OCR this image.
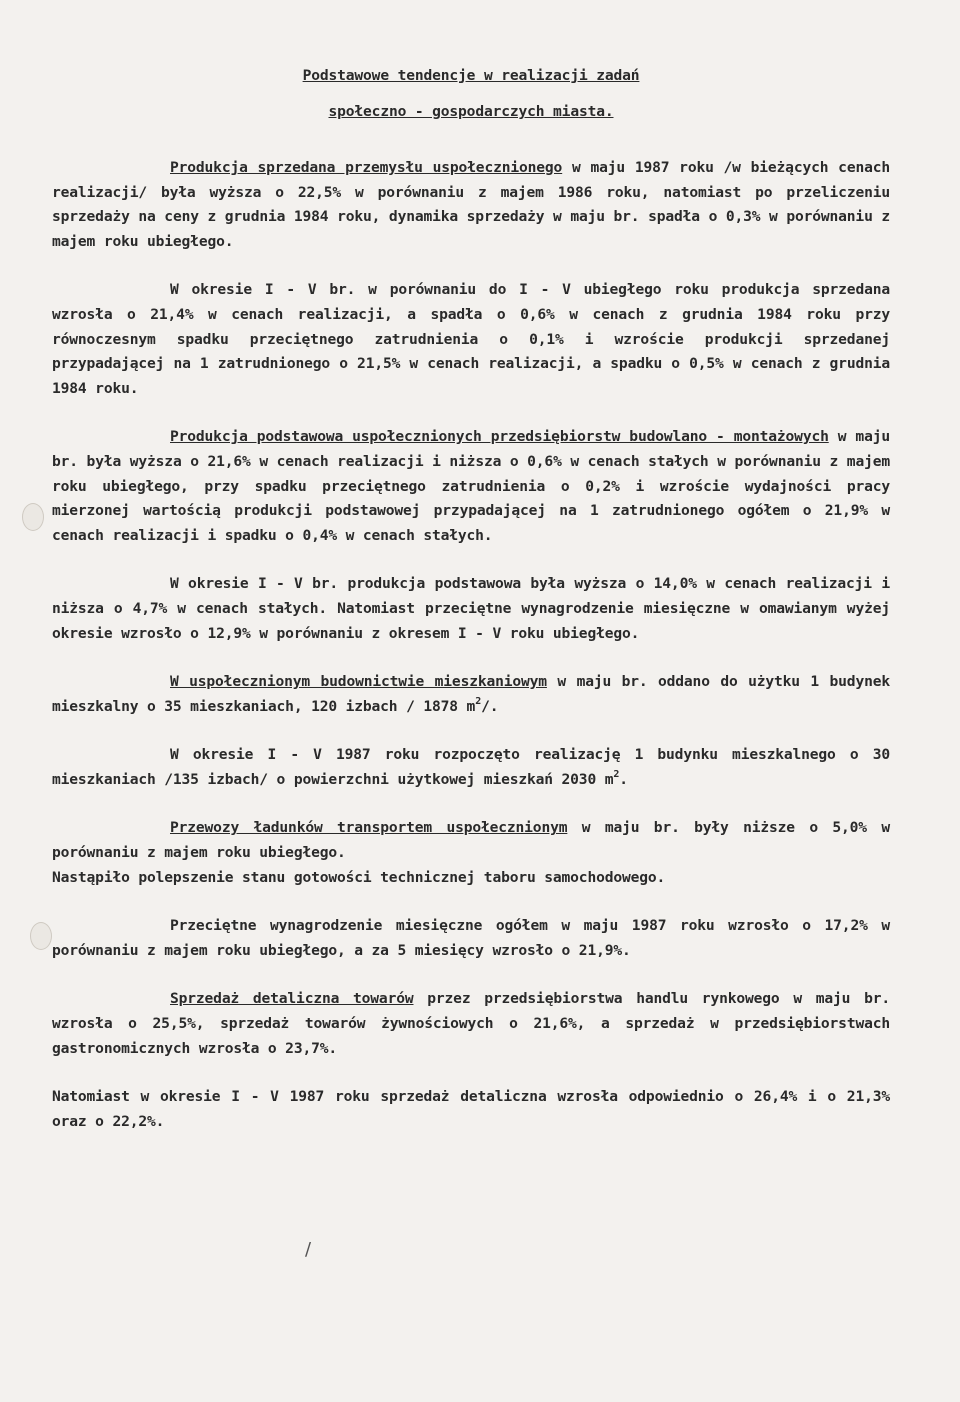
Podstawowe tendencje w realizacji zadań
społeczno - gospodarczych miasta.

Produkcja sprzedana przemysłu uspołecznionego w maju 1987 roku /w bieżących cenach realizacji/ była wyższa o 22,5% w porównaniu z majem 1986 roku, natomiast po przeliczeniu sprzedaży na ceny z grudnia 1984 roku, dynamika sprzedaży w maju br. spadła o 0,3% w porównaniu z majem roku ubiegłego.

W okresie I - V br. w porównaniu do I - V ubiegłego roku produkcja sprzedana wzrosła o 21,4% w cenach realizacji, a spadła o 0,6% w cenach z grudnia 1984 roku przy równoczesnym spadku przeciętnego zatrudnienia o 0,1% i wzroście produkcji sprzedanej przypadającej na 1 zatrudnionego o 21,5% w cenach realizacji, a spadku o 0,5% w cenach z grudnia 1984 roku.

Produkcja podstawowa uspołecznionych przedsiębiorstw budowlano - montażowych w maju br. była wyższa o 21,6% w cenach realizacji i niższa o 0,6% w cenach stałych w porównaniu z majem roku ubiegłego, przy spadku przeciętnego zatrudnienia o 0,2% i wzroście wydajności pracy mierzonej wartością produkcji podstawowej przypadającej na 1 zatrudnionego ogółem o 21,9% w cenach realizacji i spadku o 0,4% w cenach stałych.

W okresie I - V br. produkcja podstawowa była wyższa o 14,0% w cenach realizacji i niższa o 4,7% w cenach stałych. Natomiast przeciętne wynagrodzenie miesięczne w omawianym wyżej okresie wzrosło o 12,9% w porównaniu z okresem I - V roku ubiegłego.

W uspołecznionym budownictwie mieszkaniowym w maju br. oddano do użytku 1 budynek mieszkalny o 35 mieszkaniach, 120 izbach / 1878 $m^2/$.

W okresie I - V 1987 roku rozpoczęto realizację 1 budynku mieszkalnego o 30 mieszkaniach /135 izbach/ o powierzchni użytkowej mieszkań 2030 $m^2$.

Przewozy ładunków transportem uspołecznionym w maju br. były niższe o 5,0% w porównaniu z majem roku ubiegłego.

Nastąpiło polepszenie stanu gotowości technicznej taboru samochodowego.

Przeciętne wynagrodzenie miesięczne ogółem w maju 1987 roku wzrosło o 17,2% w porównaniu z majem roku ubiegłego, a za 5 miesięcy wzrosło o 21,9%.

Sprzedaż detaliczna towarów przez przedsiębiorstwa handlu rynkowego w maju br. wzrosła o 25,5%, sprzedaż towarów żywnościowych o 21,6%, a sprzedaż w przedsiębiorstwach gastronomicznych wzrosła o 23,7%.

Natomiast w okresie I - V 1987 roku sprzedaż detaliczna wzrosła odpowiednio o 26,4% i o 21,3% oraz o 22,2%.

/
